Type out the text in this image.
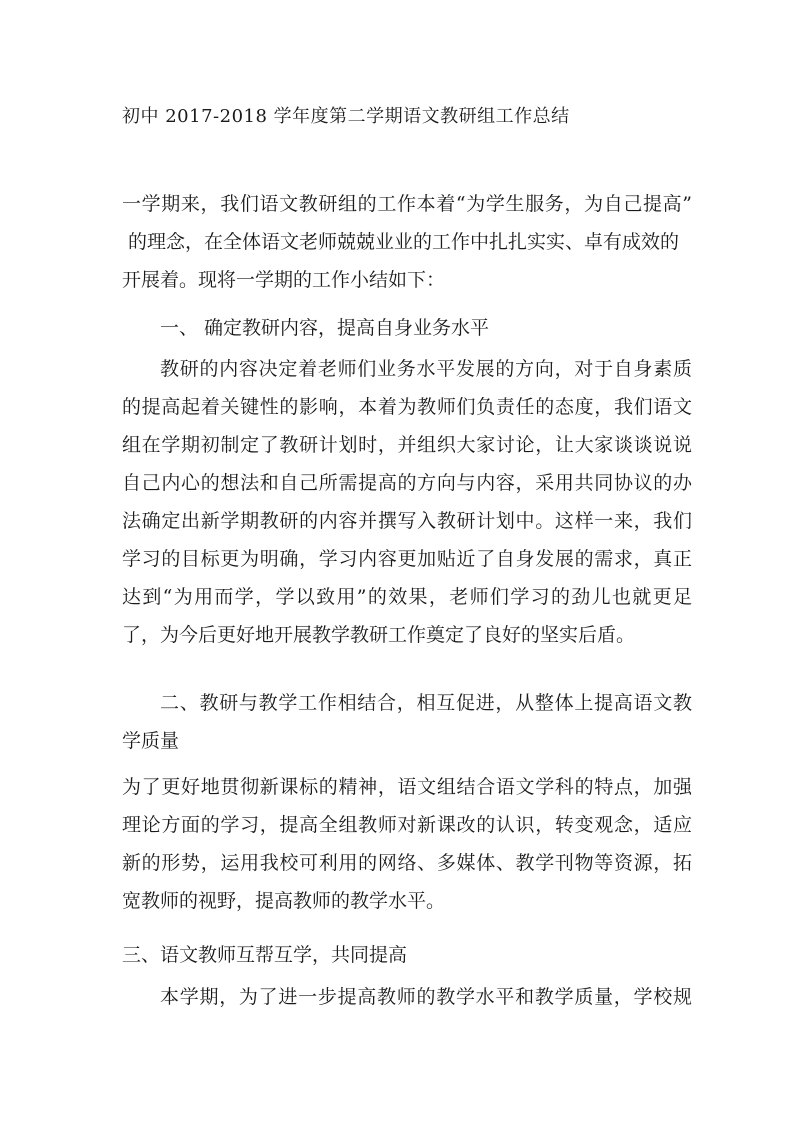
初中 2017-2018 学年度第二学期语文教研组工作总结
一学期来，我们语文教研组的工作本着“为学生服务，为自己提高”
的理念，在全体语文老师兢兢业业的工作中扎扎实实、卓有成效的
开展着。现将一学期的工作小结如下：
一、 确定教研内容，提高自身业务水平
教研的内容决定着老师们业务水平发展的方向，对于自身素质
的提高起着关键性的影响，本着为教师们负责任的态度，我们语文
组在学期初制定了教研计划时，并组织大家讨论，让大家谈谈说说
自己内心的想法和自己所需提高的方向与内容，采用共同协议的办
法确定出新学期教研的内容并撰写入教研计划中。这样一来，我们
学习的目标更为明确，学习内容更加贴近了自身发展的需求，真正
达到“为用而学，学以致用”的效果，老师们学习的劲儿也就更足
了，为今后更好地开展教学教研工作奠定了良好的坚实后盾。
二、教研与教学工作相结合，相互促进，从整体上提高语文教
学质量
为了更好地贯彻新课标的精神，语文组结合语文学科的特点，加强
理论方面的学习，提高全组教师对新课改的认识，转变观念，适应
新的形势，运用我校可利用的网络、多媒体、教学刊物等资源，拓
宽教师的视野，提高教师的教学水平。
三、语文教师互帮互学，共同提高
本学期，为了进一步提高教师的教学水平和教学质量，学校规
